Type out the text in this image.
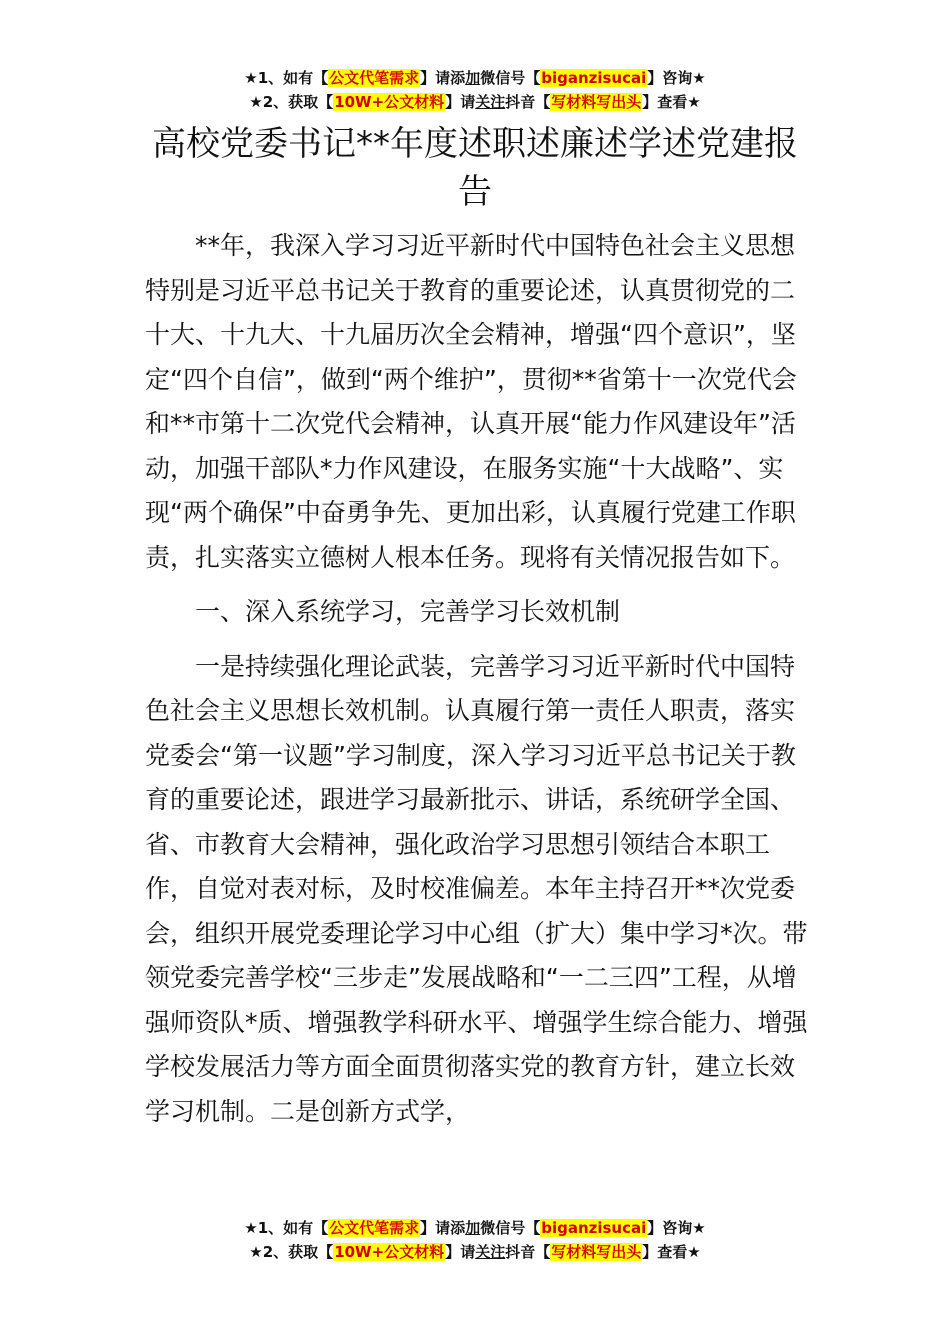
★1、如有【公文代笔需求】请添加微信号【biganzisucai】咨询★
★2、获取【10W+公文材料】请关注抖音【写材料写出头】查看★
高校党委书记**年度述职述廉述学述党建报告

**年，我深入学习习近平新时代中国特色社会主义思想特别是习近平总书记关于教育的重要论述，认真贯彻党的二十大、十九大、十九届历次全会精神，增强“四个意识”，坚定“四个自信”，做到“两个维护”，贯彻**省第十一次党代会和**市第十二次党代会精神，认真开展“能力作风建设年”活动，加强干部队*力作风建设，在服务实施“十大战略”、实现“两个确保”中奋勇争先、更加出彩，认真履行党建工作职责，扎实落实立德树人根本任务。现将有关情况报告如下。

一、深入系统学习，完善学习长效机制

一是持续强化理论武装，完善学习习近平新时代中国特色社会主义思想长效机制。认真履行第一责任人职责，落实党委会“第一议题”学习制度，深入学习习近平总书记关于教育的重要论述，跟进学习最新批示、讲话，系统研学全国、省、市教育大会精神，强化政治学习思想引领结合本职工作，自觉对表对标，及时校准偏差。本年主持召开**次党委会，组织开展党委理论学习中心组（扩大）集中学习*次。带领党委完善学校“三步走”发展战略和“一二三四”工程，从增强师资队*质、增强教学科研水平、增强学生综合能力、增强学校发展活力等方面全面贯彻落实党的教育方针，建立长效学习机制。二是创新方式学，

★1、如有【公文代笔需求】请添加微信号【biganzisucai】咨询★
★2、获取【10W+公文材料】请关注抖音【写材料写出头】查看★
